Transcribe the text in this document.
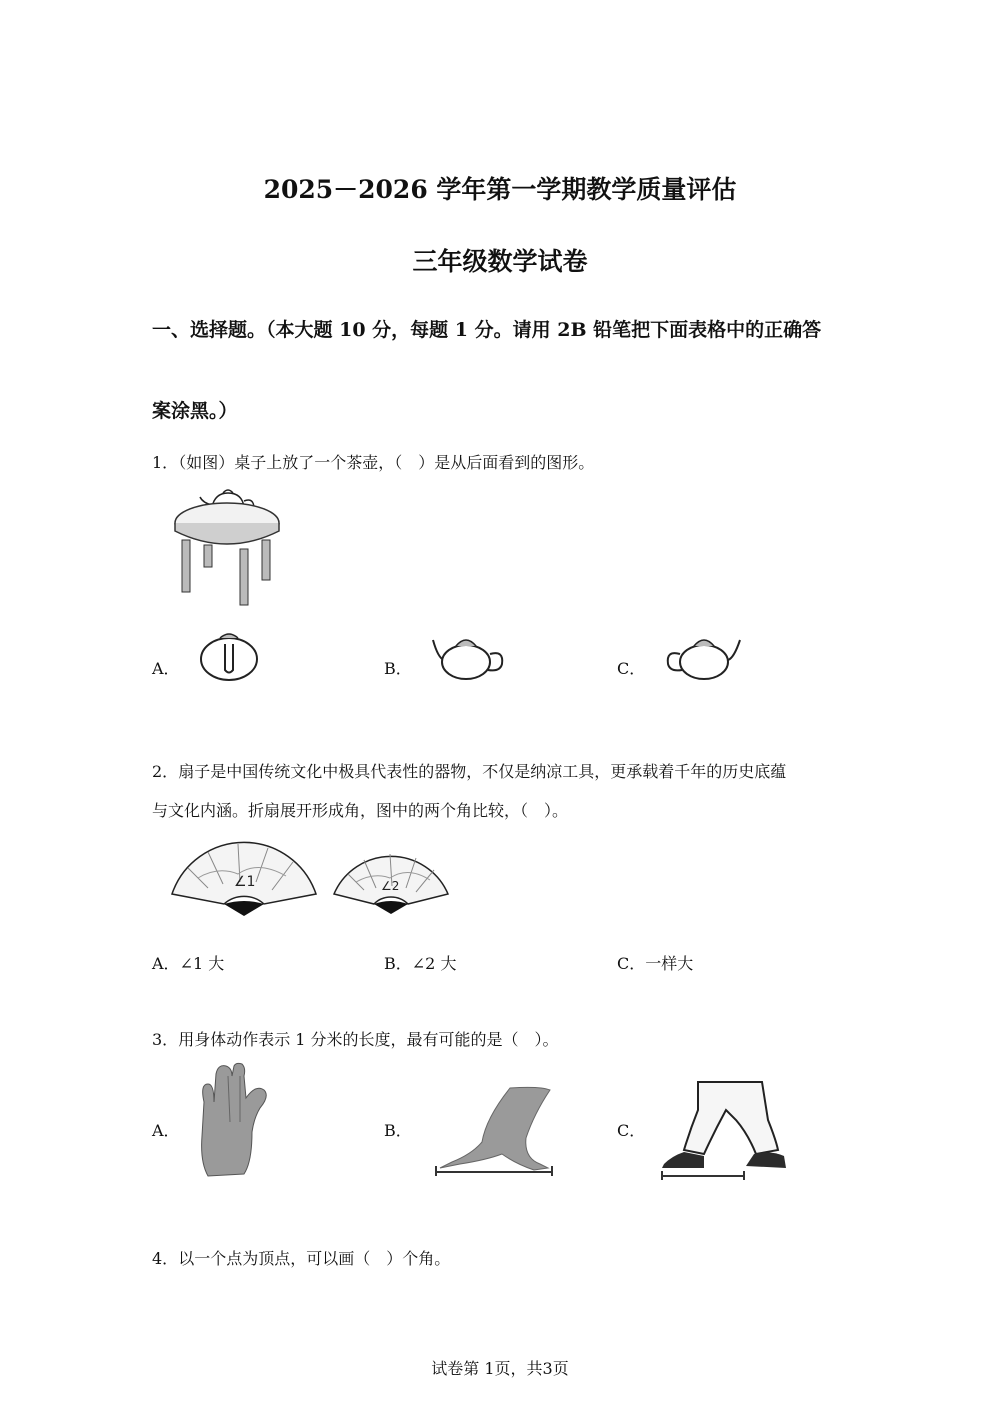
2025－2026 学年第一学期教学质量评估
三年级数学试卷
一、选择题。（本大题 10 分，每题 1 分。请用 2B 铅笔把下面表格中的正确答
案涂黑。）
1．（如图）桌子上放了一个茶壶，（　）是从后面看到的图形。
A．	B．	C．
2．扇子是中国传统文化中极具代表性的器物，不仅是纳凉工具，更承载着千年的历史底蕴
与文化内涵。折扇展开形成角，图中的两个角比较，（　）。
∠1	∠2
A．∠1 大	B．∠2 大	C．一样大
3．用身体动作表示 1 分米的长度，最有可能的是（　）。
A．	B．	C．
4．以一个点为顶点，可以画（　）个角。
试卷第 1页，共3页
